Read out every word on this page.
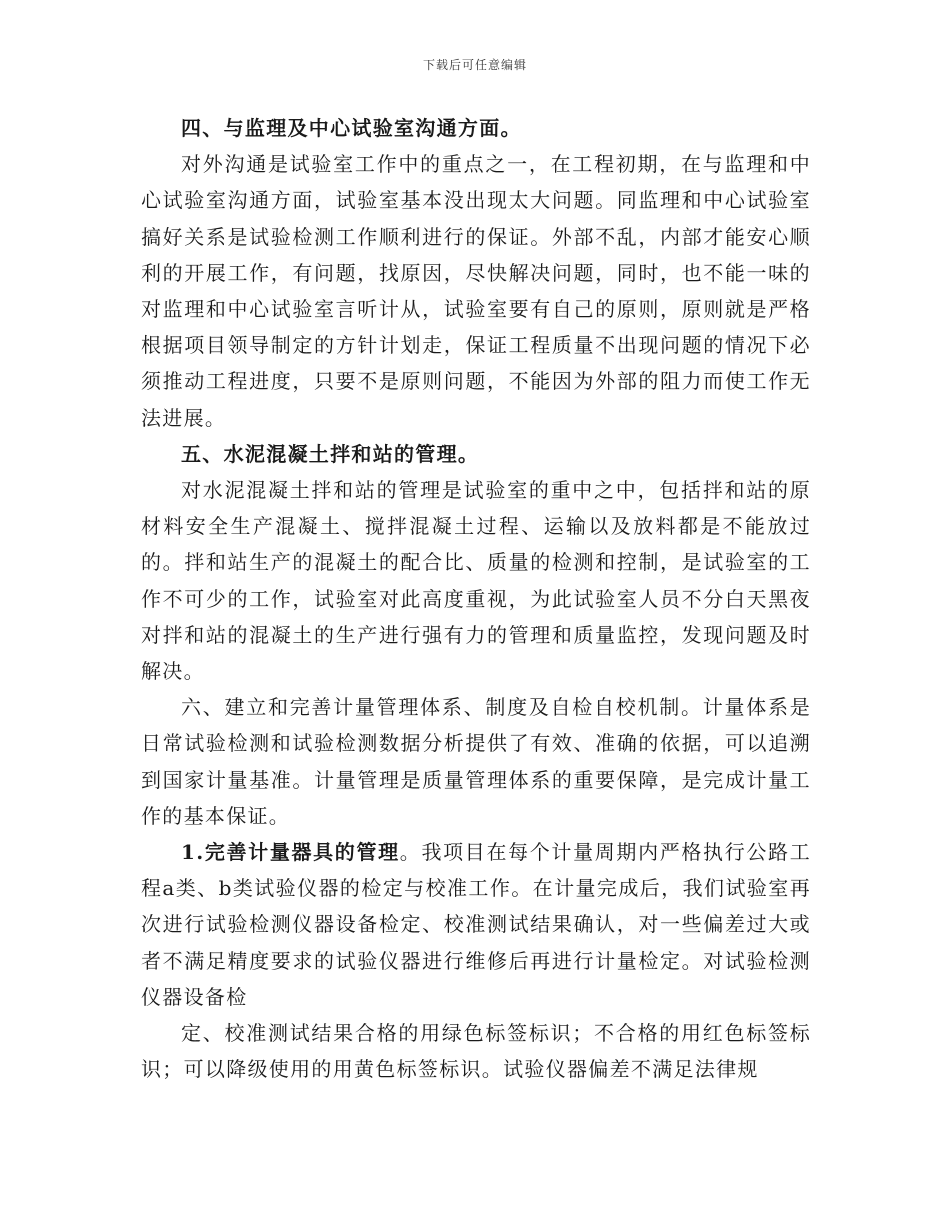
下载后可任意编辑

四、与监理及中心试验室沟通方面。

对外沟通是试验室工作中的重点之一，在工程初期，在与监理和中心试验室沟通方面，试验室基本没出现太大问题。同监理和中心试验室搞好关系是试验检测工作顺利进行的保证。外部不乱，内部才能安心顺利的开展工作，有问题，找原因，尽快解决问题，同时，也不能一味的对监理和中心试验室言听计从，试验室要有自己的原则，原则就是严格根据项目领导制定的方针计划走，保证工程质量不出现问题的情况下必须推动工程进度，只要不是原则问题，不能因为外部的阻力而使工作无法进展。

五、水泥混凝土拌和站的管理。

对水泥混凝土拌和站的管理是试验室的重中之中，包括拌和站的原材料安全生产混凝土、搅拌混凝土过程、运输以及放料都是不能放过的。拌和站生产的混凝土的配合比、质量的检测和控制，是试验室的工作不可少的工作，试验室对此高度重视，为此试验室人员不分白天黑夜对拌和站的混凝土的生产进行强有力的管理和质量监控，发现问题及时解决。

六、建立和完善计量管理体系、制度及自检自校机制。计量体系是日常试验检测和试验检测数据分析提供了有效、准确的依据，可以追溯到国家计量基准。计量管理是质量管理体系的重要保障，是完成计量工作的基本保证。

1.完善计量器具的管理。我项目在每个计量周期内严格执行公路工程a类、b类试验仪器的检定与校准工作。在计量完成后，我们试验室再次进行试验检测仪器设备检定、校准测试结果确认，对一些偏差过大或者不满足精度要求的试验仪器进行维修后再进行计量检定。对试验检测仪器设备检

定、校准测试结果合格的用绿色标签标识；不合格的用红色标签标识；可以降级使用的用黄色标签标识。试验仪器偏差不满足法律规
